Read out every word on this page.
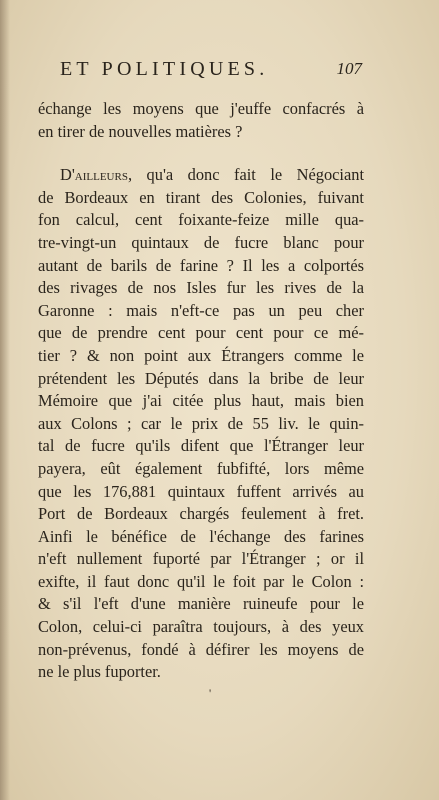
ET POLITIQUES.	107
échange les moyens que j'euffe confacrés à
en tirer de nouvelles matières ?
D'ailleurs, qu'a donc fait le Négociant
de Bordeaux en tirant des Colonies, fuivant
fon calcul, cent foixante-feize mille qua-
tre-vingt-un quintaux de fucre blanc pour
autant de barils de farine ? Il les a colportés
des rivages de nos Isles fur les rives de la
Garonne : mais n'eft-ce pas un peu cher
que de prendre cent pour cent pour ce mé-
tier ? & non point aux Étrangers comme le
prétendent les Députés dans la bribe de leur
Mémoire que j'ai citée plus haut, mais bien
aux Colons ; car le prix de 55 liv. le quin-
tal de fucre qu'ils difent que l'Étranger leur
payera, eût également fubfifté, lors même
que les 176,881 quintaux fuffent arrivés au
Port de Bordeaux chargés feulement à fret.
Ainfi le bénéfice de l'échange des farines
n'eft nullement fuporté par l'Étranger ; or il
exifte, il faut donc qu'il le foit par le Colon :
& s'il l'eft d'une manière ruineufe pour le
Colon, celui-ci paraîtra toujours, à des yeux
non-prévenus, fondé à défirer les moyens de
ne le plus fuporter.
'
